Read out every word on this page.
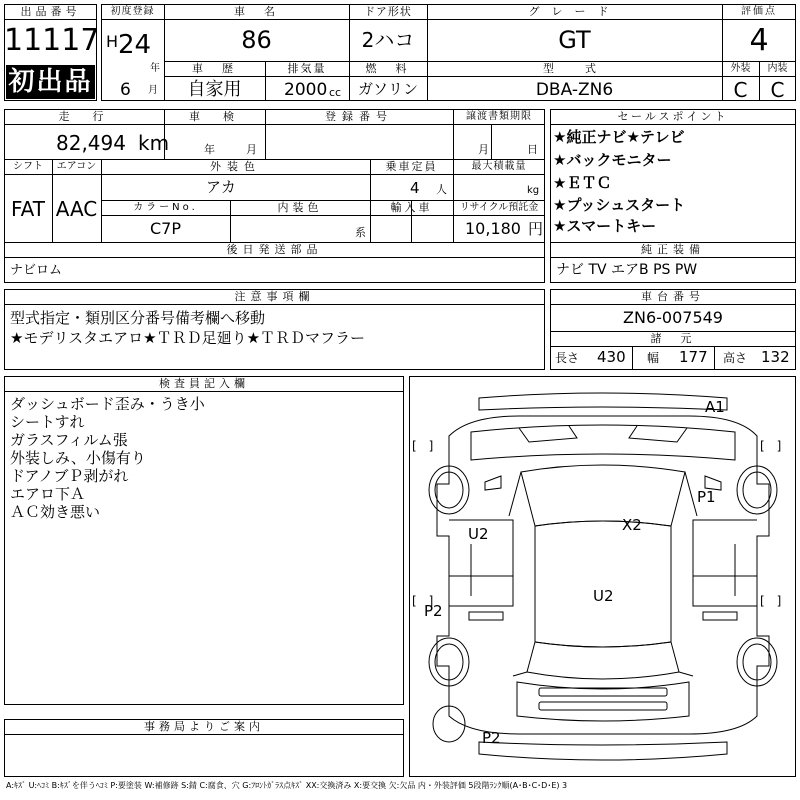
出品番号
11117
初出品
初度登録
H 24
年
6 月
車　名
86
ドア形状
2ハコ
グレード
GT
評価点
4
車　歴
自家用
排気量
2000 cc
燃　料
ガソリン
型　式
DBA-ZN6
外装	内装
C	C
走　行
82,494 km
車　検
年	月
登録番号	譲渡書類期限
月	日
シフト
FAT
エアコン
AAC
外装色
アカ
乗車定員
4 人
最大積載量
kg
カラーNo.
C7P
内装色
系
輸入車	リサイクル預託金
10,180 円
後日発送部品
ナビロム
セールスポイント
★純正ナビ★テレビ
★バックモニター
★ＥＴＣ
★プッシュスタート
★スマートキー
純正装備
ナビ TV エアB PS PW
注意事項欄
型式指定・類別区分番号備考欄へ移動
★モデリスタエアロ★ＴＲＤ足廻り★ＴＲＤマフラー
車台番号
ZN6-007549
諸　元
長さ 430 幅 177 高さ 132
検査員記入欄
ダッシュボード歪み・うき小
シートすれ
ガラスフィルム張
外装しみ、小傷有り
ドアノブＰ剥がれ
エアロ下Ａ
ＡＣ効き悪い
事務局よりご案内
A1
P1
X2
U2
U2
P2
P2
[　]	[　]
[　]	[　]
A:ｷｽﾞ U:ﾍｺﾐ B:ｷｽﾞを伴うﾍｺﾐ P:要塗装 W:補修跡 S:錆 C:腐食、穴 G:ﾌﾛﾝﾄｶﾞﾗｽ点ｷｽﾞ XX:交換済み X:要交換 欠:欠品 内・外装評価 5段階ﾗﾝｸ順(A･B･C･D･E) 3
